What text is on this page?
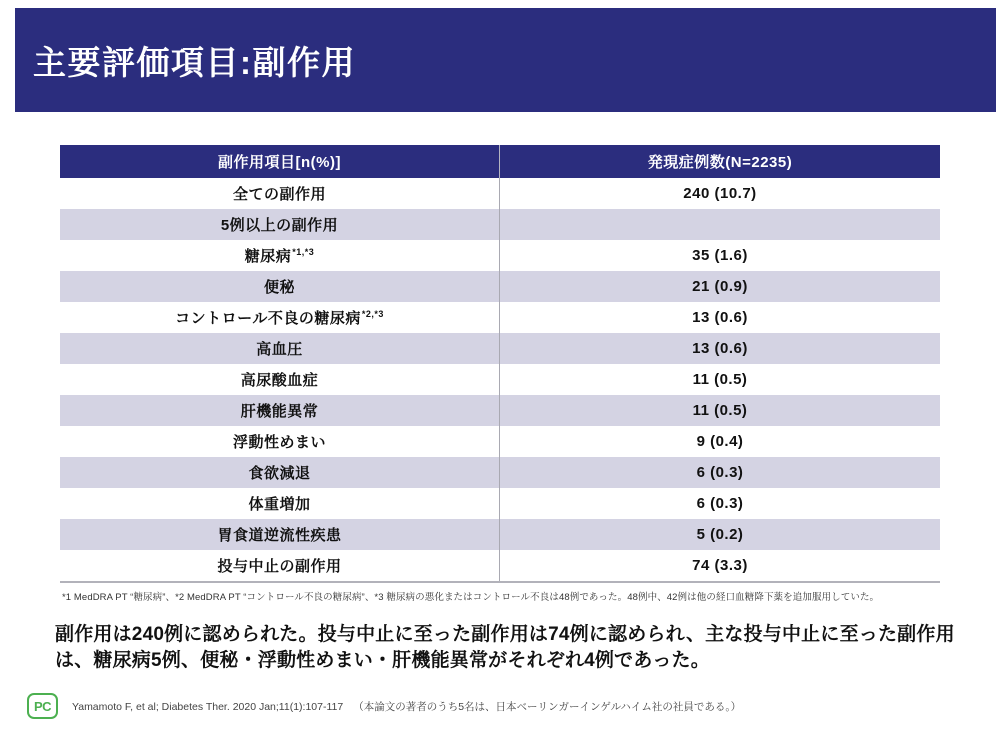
主要評価項目:副作用
副作用項目[n(%)]	発現症例数(N=2235)
全ての副作用	240 (10.7)
5例以上の副作用
糖尿病$^{*1,*3}$	35 (1.6)
便秘	21 (0.9)
コントロール不良の糖尿病$^{*2,*3}$	13 (0.6)
高血圧	13 (0.6)
高尿酸血症	11 (0.5)
肝機能異常	11 (0.5)
浮動性めまい	9 (0.4)
食欲減退	6 (0.3)
体重増加	6 (0.3)
胃食道逆流性疾患	5 (0.2)
投与中止の副作用	74 (3.3)
*1 MedDRA PT “糖尿病”、*2 MedDRA PT “コントロール不良の糖尿病”、*3 糖尿病の悪化またはコントロール不良は48例であった。48例中、42例は他の経口血糖降下薬を追加服用していた。
副作用は240例に認められた。投与中止に至った副作用は74例に認められ、主な投与中止に至った副作用は、糖尿病5例、便秘・浮動性めまい・肝機能異常がそれぞれ4例であった。
PC	Yamamoto F, et al; Diabetes Ther. 2020 Jan;11(1):107-117 （本論文の著者のうち5名は、日本ベーリンガーインゲルハイム社の社員である。）
